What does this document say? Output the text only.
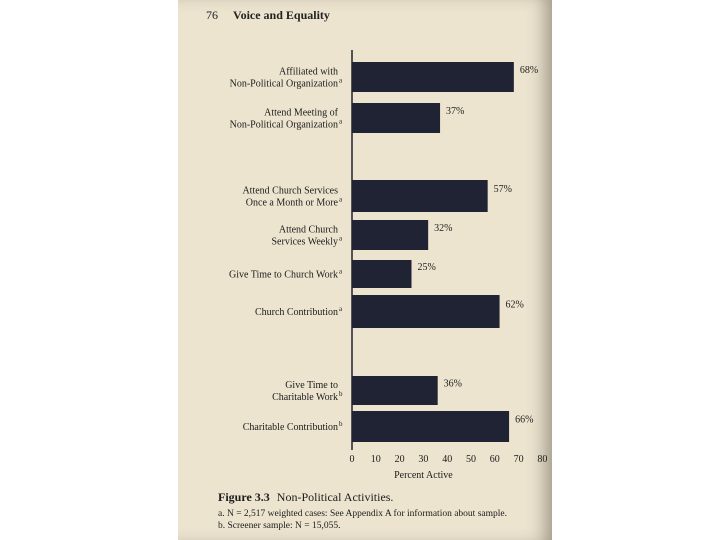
76 Voice and Equality
68%
Affiliated with
Non-Political Organization a
37%
Attend Meeting of
Non-Political Organization a
57%
Attend Church Services
Once a Month or More a
32%
Attend Church
Services Weekly a
25%
Give Time to Church Work a
62%
Church Contribution a
36%
Give Time to
Charitable Work b
66%
Charitable Contribution b
0 10 20 30 40 50 60 70 80
Percent Active
Figure 3.3 Non-Political Activities.
a. N = 2,517 weighted cases: See Appendix A for information about sample.
b. Screener sample: N = 15,055.
